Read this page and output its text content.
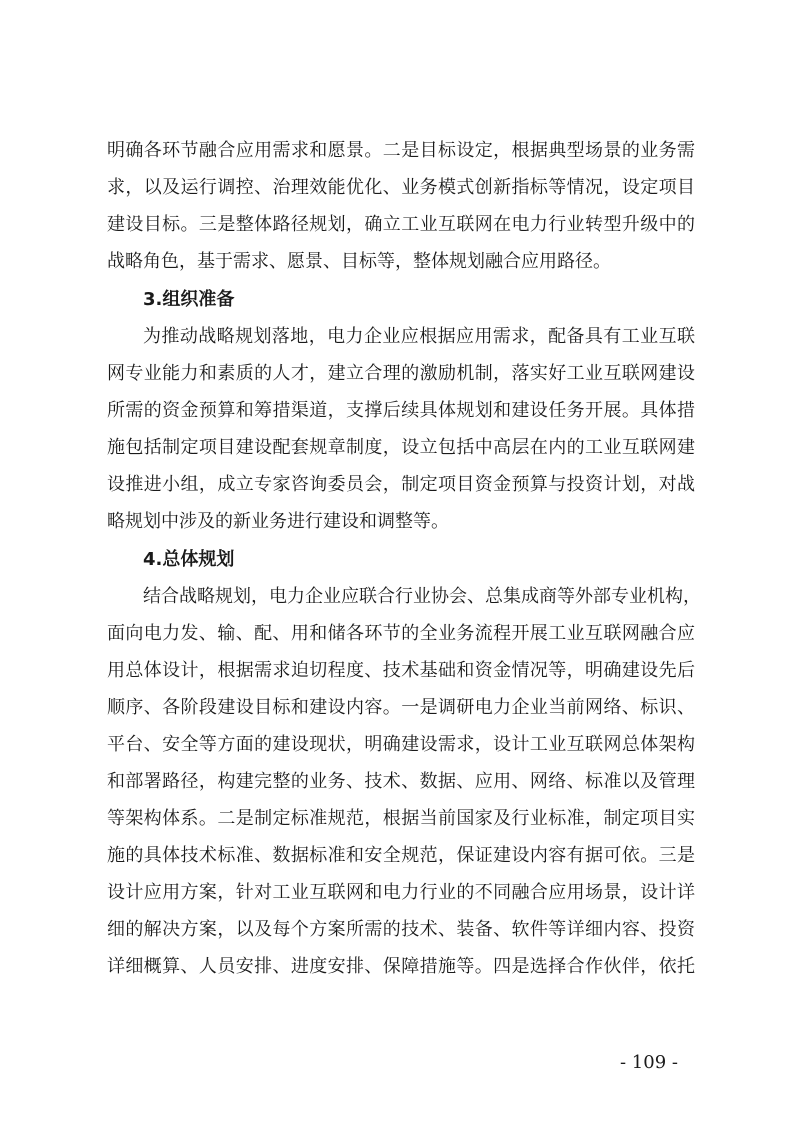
明确各环节融合应用需求和愿景。二是目标设定，根据典型场景的业务需
求，以及运行调控、治理效能优化、业务模式创新指标等情况，设定项目
建设目标。三是整体路径规划，确立工业互联网在电力行业转型升级中的
战略角色，基于需求、愿景、目标等，整体规划融合应用路径。
3.组织准备
为推动战略规划落地，电力企业应根据应用需求，配备具有工业互联
网专业能力和素质的人才，建立合理的激励机制，落实好工业互联网建设
所需的资金预算和筹措渠道，支撑后续具体规划和建设任务开展。具体措
施包括制定项目建设配套规章制度，设立包括中高层在内的工业互联网建
设推进小组，成立专家咨询委员会，制定项目资金预算与投资计划，对战
略规划中涉及的新业务进行建设和调整等。
4.总体规划
结合战略规划，电力企业应联合行业协会、总集成商等外部专业机构，
面向电力发、输、配、用和储各环节的全业务流程开展工业互联网融合应
用总体设计，根据需求迫切程度、技术基础和资金情况等，明确建设先后
顺序、各阶段建设目标和建设内容。一是调研电力企业当前网络、标识、
平台、安全等方面的建设现状，明确建设需求，设计工业互联网总体架构
和部署路径，构建完整的业务、技术、数据、应用、网络、标准以及管理
等架构体系。二是制定标准规范，根据当前国家及行业标准，制定项目实
施的具体技术标准、数据标准和安全规范，保证建设内容有据可依。三是
设计应用方案，针对工业互联网和电力行业的不同融合应用场景，设计详
细的解决方案，以及每个方案所需的技术、装备、软件等详细内容、投资
详细概算、人员安排、进度安排、保障措施等。四是选择合作伙伴，依托
- 109 -
